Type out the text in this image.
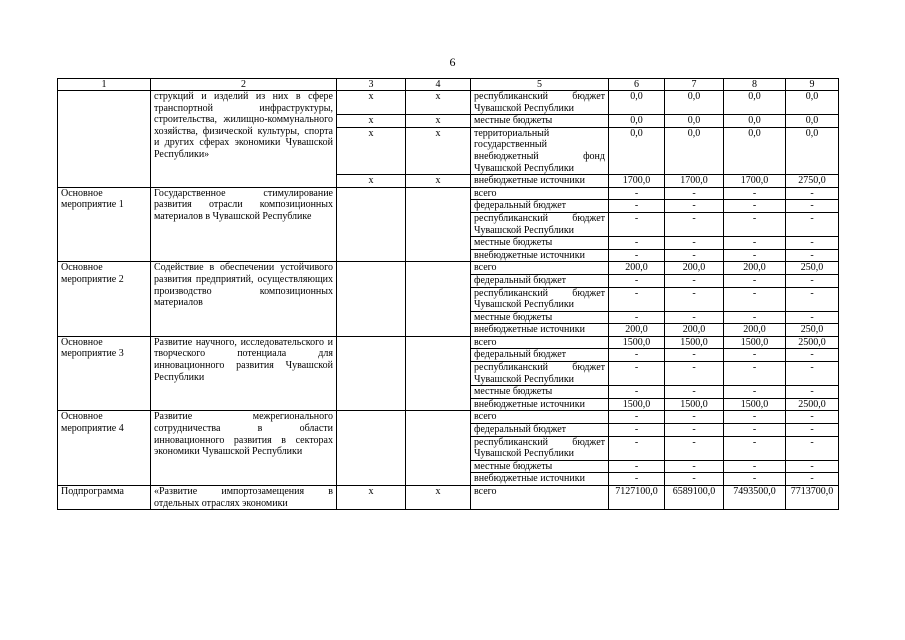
6
1	2	3	4	5	6	7	8	9
	струкций и изделий из них в сфере транспортной инфраструктуры, строительства, жилищно-коммунального хозяйства, физической культуры, спорта и других сферах экономики Чувашской Республики»	x	x	республиканский бюджет Чувашской Республики	0,0	0,0	0,0	0,0
		x	x	местные бюджеты	0,0	0,0	0,0	0,0
		x	x	территориальный государственный внебюджетный фонд Чувашской Республики	0,0	0,0	0,0	0,0
		x	x	внебюджетные источники	1700,0	1700,0	1700,0	2750,0
Основное мероприятие 1	Государственное стимулирование развития отрасли композиционных материалов в Чувашской Республике			всего	-	-	-	-
				федеральный бюджет	-	-	-	-
				республиканский бюджет Чувашской Республики	-	-	-	-
				местные бюджеты	-	-	-	-
				внебюджетные источники	-	-	-	-
Основное мероприятие 2	Содействие в обеспечении устойчивого развития предприятий, осуществляющих производство композиционных материалов			всего	200,0	200,0	200,0	250,0
				федеральный бюджет	-	-	-	-
				республиканский бюджет Чувашской Республики	-	-	-	-
				местные бюджеты	-	-	-	-
				внебюджетные источники	200,0	200,0	200,0	250,0
Основное мероприятие 3	Развитие научного, исследовательского и творческого потенциала для инновационного развития Чувашской Республики			всего	1500,0	1500,0	1500,0	2500,0
				федеральный бюджет	-	-	-	-
				республиканский бюджет Чувашской Республики	-	-	-	-
				местные бюджеты	-	-	-	-
				внебюджетные источники	1500,0	1500,0	1500,0	2500,0
Основное мероприятие 4	Развитие межрегионального сотрудничества в области инновационного развития в секторах экономики Чувашской Республики			всего	-	-	-	-
				федеральный бюджет	-	-	-	-
				республиканский бюджет Чувашской Республики	-	-	-	-
				местные бюджеты	-	-	-	-
				внебюджетные источники	-	-	-	-
Подпрограмма	«Развитие импортозамещения в отдельных отраслях экономики	x	x	всего	7127100,0	6589100,0	7493500,0	7713700,0
